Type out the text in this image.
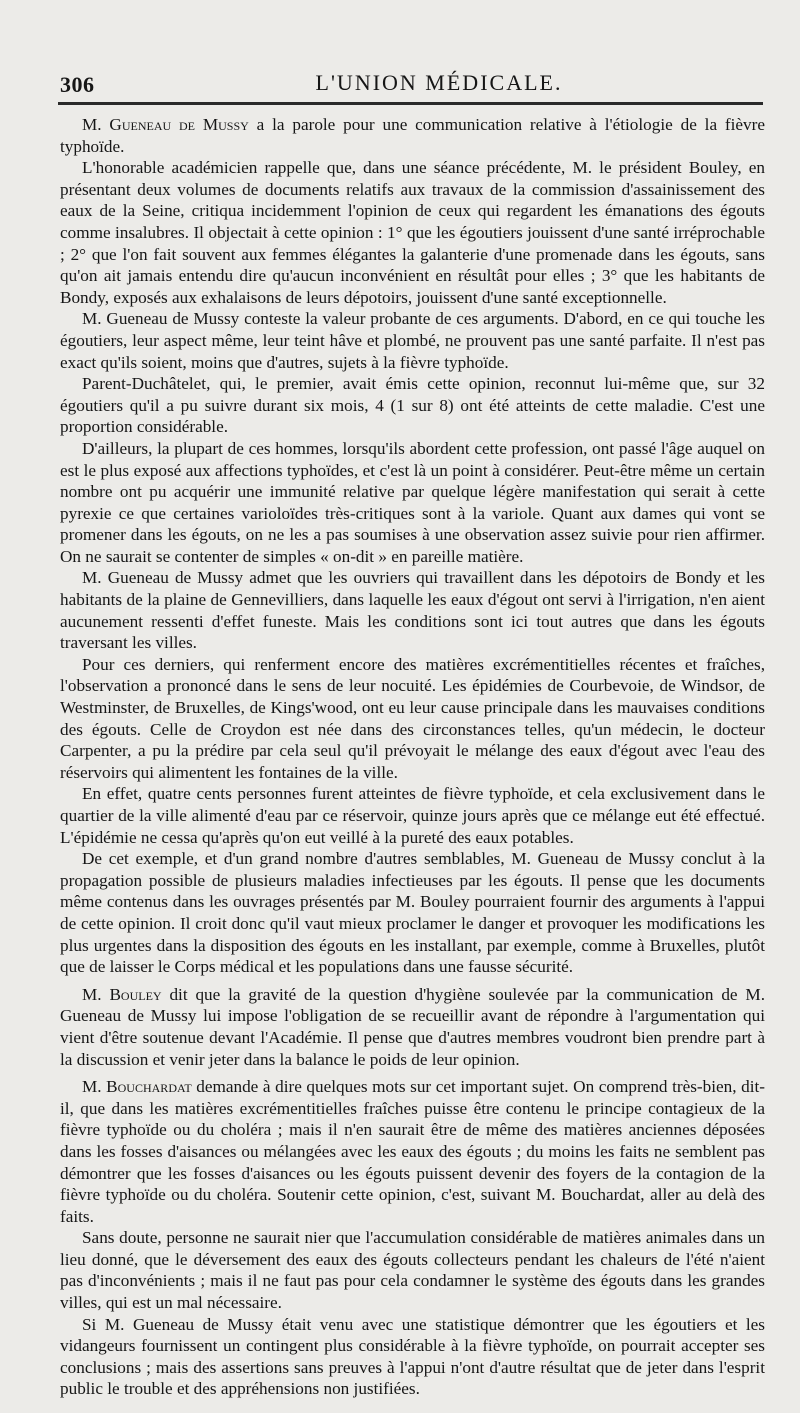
306	L'UNION MÉDICALE.

M. Gueneau de Mussy a la parole pour une communication relative à l'étiologie de la fièvre typhoïde.

L'honorable académicien rappelle que, dans une séance précédente, M. le président Bouley, en présentant deux volumes de documents relatifs aux travaux de la commission d'assainissement des eaux de la Seine, critiqua incidemment l'opinion de ceux qui regardent les émanations des égouts comme insalubres. Il objectait à cette opinion : 1° que les égoutiers jouissent d'une santé irréprochable ; 2° que l'on fait souvent aux femmes élégantes la galanterie d'une promenade dans les égouts, sans qu'on ait jamais entendu dire qu'aucun inconvénient en résultât pour elles ; 3° que les habitants de Bondy, exposés aux exhalaisons de leurs dépotoirs, jouissent d'une santé exceptionnelle.

M. Gueneau de Mussy conteste la valeur probante de ces arguments. D'abord, en ce qui touche les égoutiers, leur aspect même, leur teint hâve et plombé, ne prouvent pas une santé parfaite. Il n'est pas exact qu'ils soient, moins que d'autres, sujets à la fièvre typhoïde.

Parent-Duchâtelet, qui, le premier, avait émis cette opinion, reconnut lui-même que, sur 32 égoutiers qu'il a pu suivre durant six mois, 4 (1 sur 8) ont été atteints de cette maladie. C'est une proportion considérable.

D'ailleurs, la plupart de ces hommes, lorsqu'ils abordent cette profession, ont passé l'âge auquel on est le plus exposé aux affections typhoïdes, et c'est là un point à considérer. Peut-être même un certain nombre ont pu acquérir une immunité relative par quelque légère manifestation qui serait à cette pyrexie ce que certaines varioloïdes très-critiques sont à la variole. Quant aux dames qui vont se promener dans les égouts, on ne les a pas soumises à une observation assez suivie pour rien affirmer. On ne saurait se contenter de simples « on-dit » en pareille matière.

M. Gueneau de Mussy admet que les ouvriers qui travaillent dans les dépotoirs de Bondy et les habitants de la plaine de Gennevilliers, dans laquelle les eaux d'égout ont servi à l'irrigation, n'en aient aucunement ressenti d'effet funeste. Mais les conditions sont ici tout autres que dans les égouts traversant les villes.

Pour ces derniers, qui renferment encore des matières excrémentitielles récentes et fraîches, l'observation a prononcé dans le sens de leur nocuité. Les épidémies de Courbevoie, de Windsor, de Westminster, de Bruxelles, de Kings'wood, ont eu leur cause principale dans les mauvaises conditions des égouts. Celle de Croydon est née dans des circonstances telles, qu'un médecin, le docteur Carpenter, a pu la prédire par cela seul qu'il prévoyait le mélange des eaux d'égout avec l'eau des réservoirs qui alimentent les fontaines de la ville.

En effet, quatre cents personnes furent atteintes de fièvre typhoïde, et cela exclusivement dans le quartier de la ville alimenté d'eau par ce réservoir, quinze jours après que ce mélange eut été effectué. L'épidémie ne cessa qu'après qu'on eut veillé à la pureté des eaux potables.

De cet exemple, et d'un grand nombre d'autres semblables, M. Gueneau de Mussy conclut à la propagation possible de plusieurs maladies infectieuses par les égouts. Il pense que les documents même contenus dans les ouvrages présentés par M. Bouley pourraient fournir des arguments à l'appui de cette opinion. Il croit donc qu'il vaut mieux proclamer le danger et provoquer les modifications les plus urgentes dans la disposition des égouts en les installant, par exemple, comme à Bruxelles, plutôt que de laisser le Corps médical et les populations dans une fausse sécurité.

M. Bouley dit que la gravité de la question d'hygiène soulevée par la communication de M. Gueneau de Mussy lui impose l'obligation de se recueillir avant de répondre à l'argumentation qui vient d'être soutenue devant l'Académie. Il pense que d'autres membres voudront bien prendre part à la discussion et venir jeter dans la balance le poids de leur opinion.

M. Bouchardat demande à dire quelques mots sur cet important sujet. On comprend très-bien, dit-il, que dans les matières excrémentitielles fraîches puisse être contenu le principe contagieux de la fièvre typhoïde ou du choléra ; mais il n'en saurait être de même des matières anciennes déposées dans les fosses d'aisances ou mélangées avec les eaux des égouts ; du moins les faits ne semblent pas démontrer que les fosses d'aisances ou les égouts puissent devenir des foyers de la contagion de la fièvre typhoïde ou du choléra. Soutenir cette opinion, c'est, suivant M. Bouchardat, aller au delà des faits.

Sans doute, personne ne saurait nier que l'accumulation considérable de matières animales dans un lieu donné, que le déversement des eaux des égouts collecteurs pendant les chaleurs de l'été n'aient pas d'inconvénients ; mais il ne faut pas pour cela condamner le système des égouts dans les grandes villes, qui est un mal nécessaire.

Si M. Gueneau de Mussy était venu avec une statistique démontrer que les égoutiers et les vidangeurs fournissent un contingent plus considérable à la fièvre typhoïde, on pourrait accepter ses conclusions ; mais des assertions sans preuves à l'appui n'ont d'autre résultat que de jeter dans l'esprit public le trouble et des appréhensions non justifiées.
